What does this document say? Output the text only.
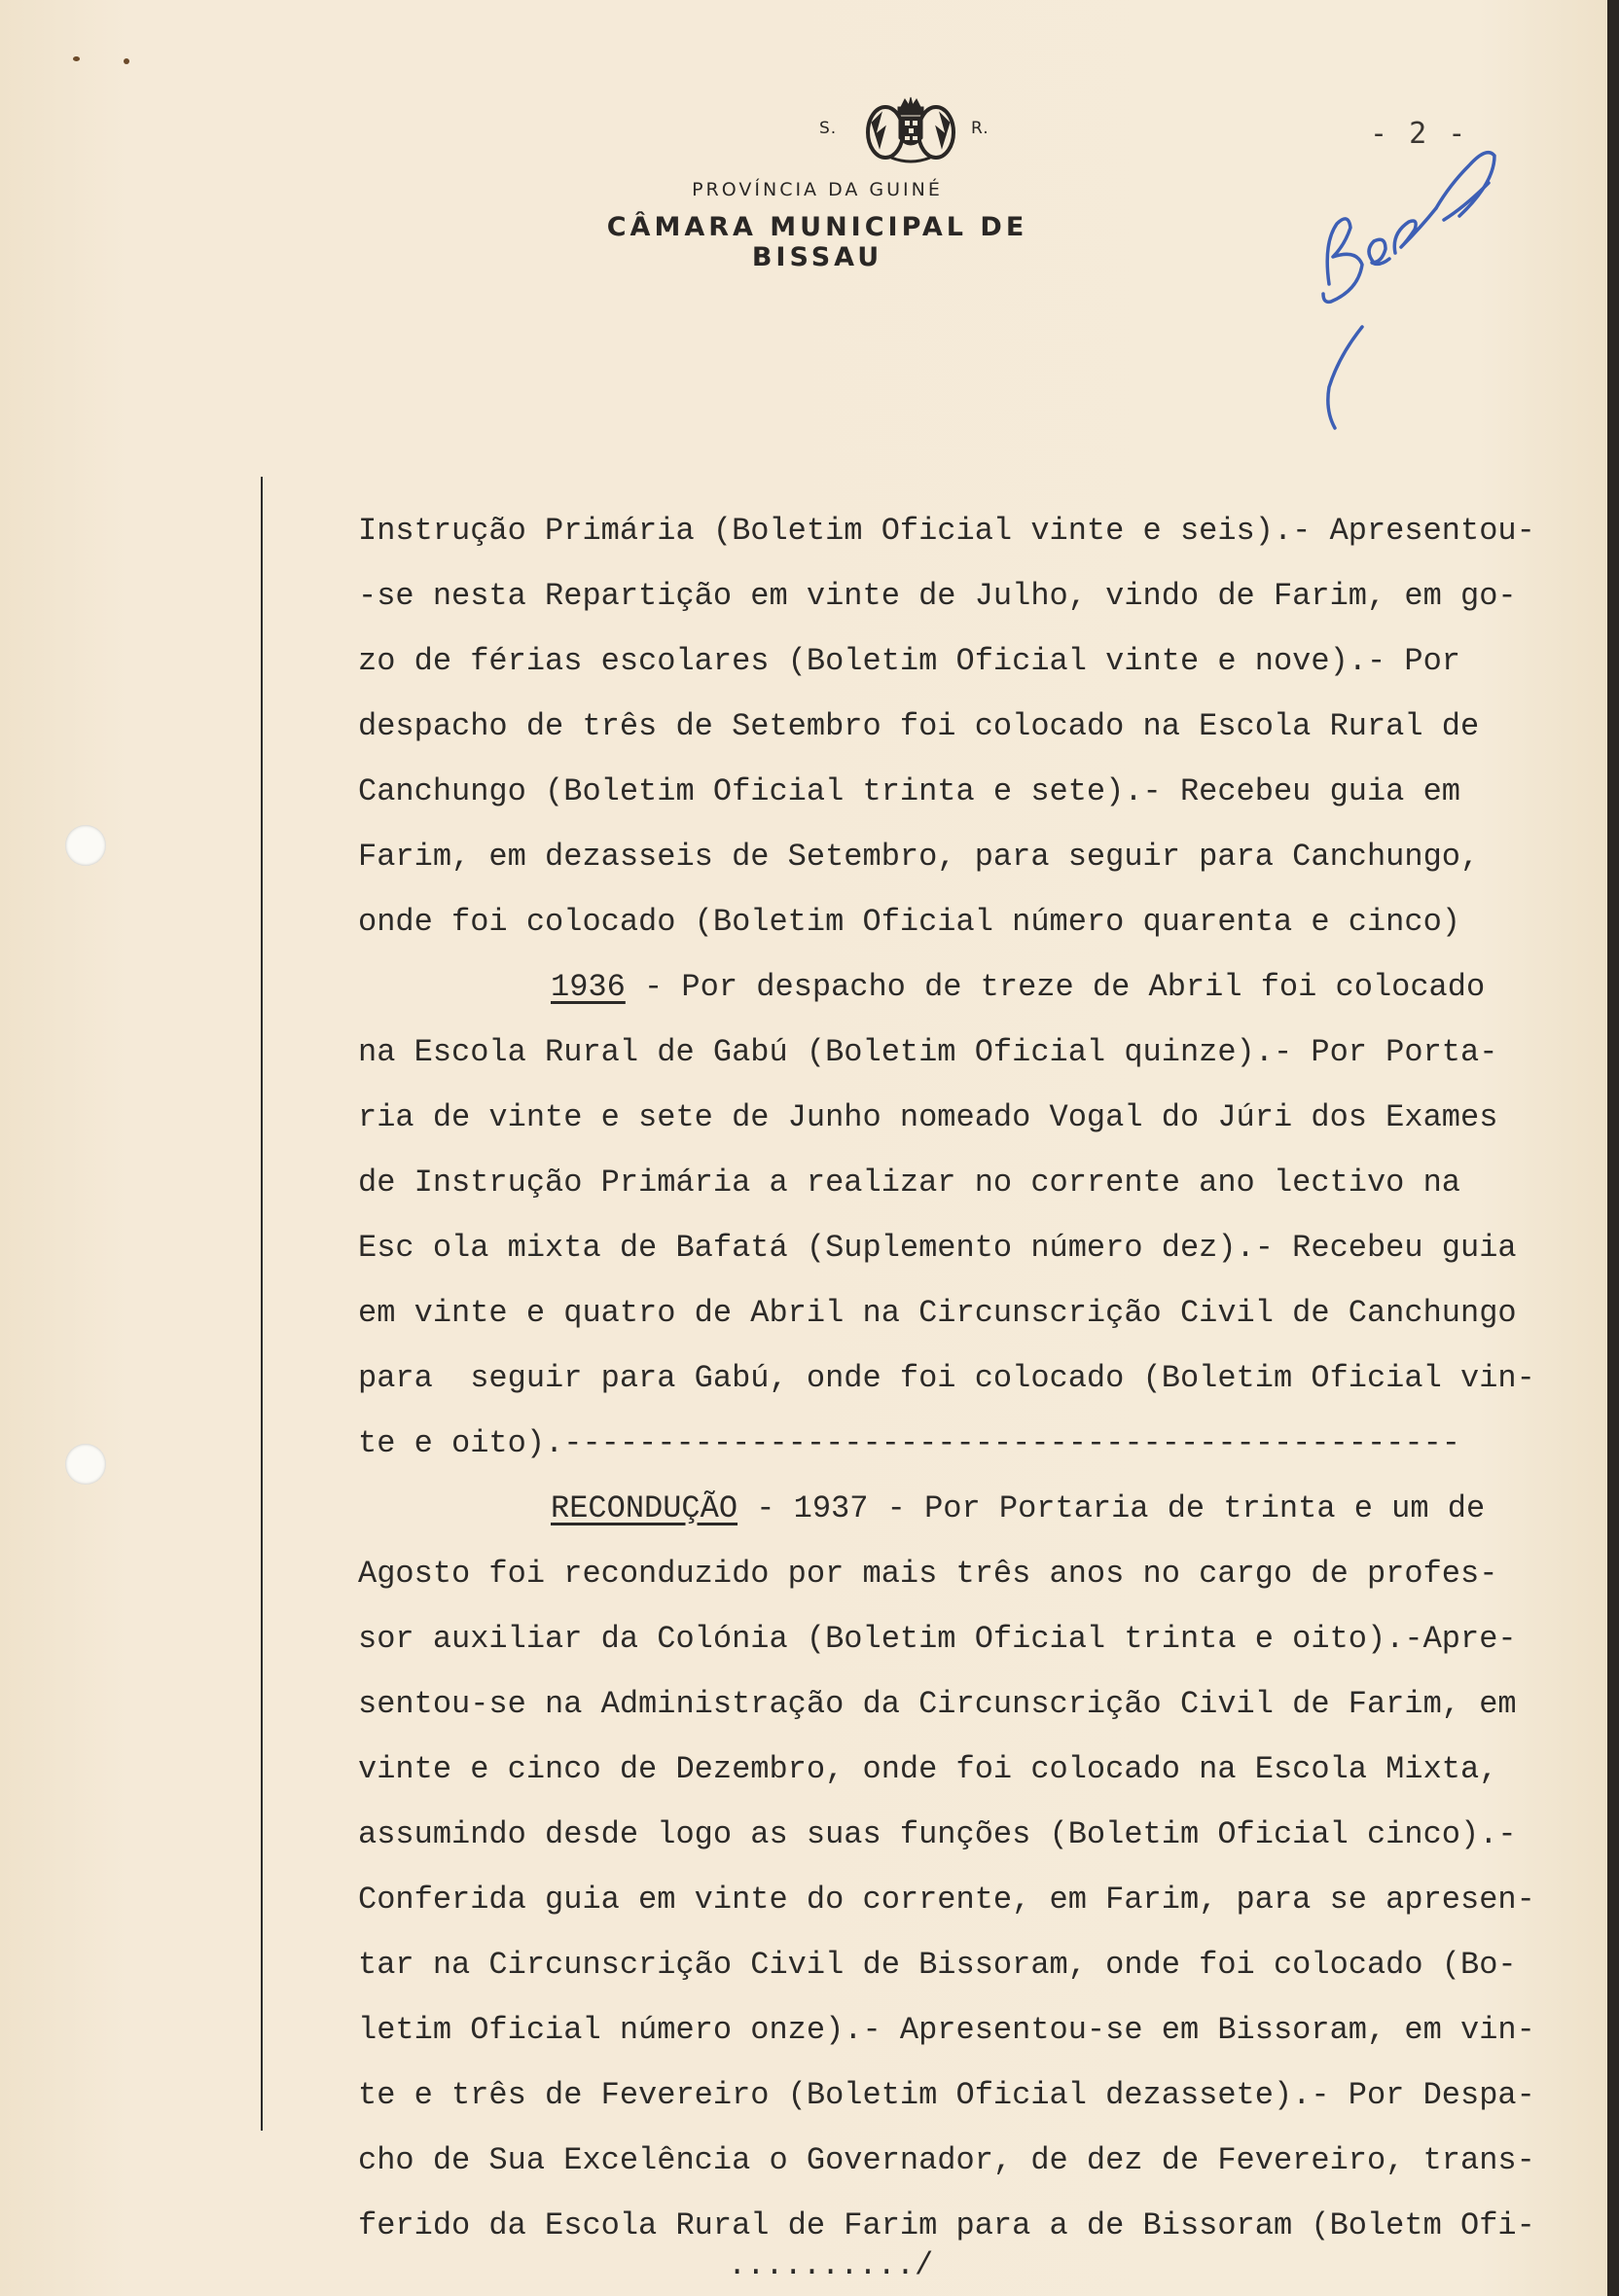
S.	R.
PROVÍNCIA DA GUINÉ
CÂMARA MUNICIPAL DE BISSAU
- 2 -
Instrução Primária (Boletim Oficial vinte e seis).- Apresentou-
-se nesta Repartição em vinte de Julho, vindo de Farim, em go-
zo de férias escolares (Boletim Oficial vinte e nove).- Por
despacho de três de Setembro foi colocado na Escola Rural de
Canchungo (Boletim Oficial trinta e sete).- Recebeu guia em
Farim, em dezasseis de Setembro, para seguir para Canchungo,
onde foi colocado (Boletim Oficial número quarenta e cinco)
1936 - Por despacho de treze de Abril foi colocado
na Escola Rural de Gabú (Boletim Oficial quinze).- Por Porta-
ria de vinte e sete de Junho nomeado Vogal do Júri dos Exames
de Instrução Primária a realizar no corrente ano lectivo na
Esc ola mixta de Bafatá (Suplemento número dez).- Recebeu guia
em vinte e quatro de Abril na Circunscrição Civil de Canchungo
para  seguir para Gabú, onde foi colocado (Boletim Oficial vin-
te e oito).------------------------------------------------
RECONDUÇÃO - 1937 - Por Portaria de trinta e um de
Agosto foi reconduzido por mais três anos no cargo de profes-
sor auxiliar da Colónia (Boletim Oficial trinta e oito).-Apre-
sentou-se na Administração da Circunscrição Civil de Farim, em
vinte e cinco de Dezembro, onde foi colocado na Escola Mixta,
assumindo desde logo as suas funções (Boletim Oficial cinco).-
Conferida guia em vinte do corrente, em Farim, para se apresen-
tar na Circunscrição Civil de Bissoram, onde foi colocado (Bo-
letim Oficial número onze).- Apresentou-se em Bissoram, em vin-
te e três de Fevereiro (Boletim Oficial dezassete).- Por Despa-
cho de Sua Excelência o Governador, de dez de Fevereiro, trans-
ferido da Escola Rural de Farim para a de Bissoram (Boletm Ofi-
........../
